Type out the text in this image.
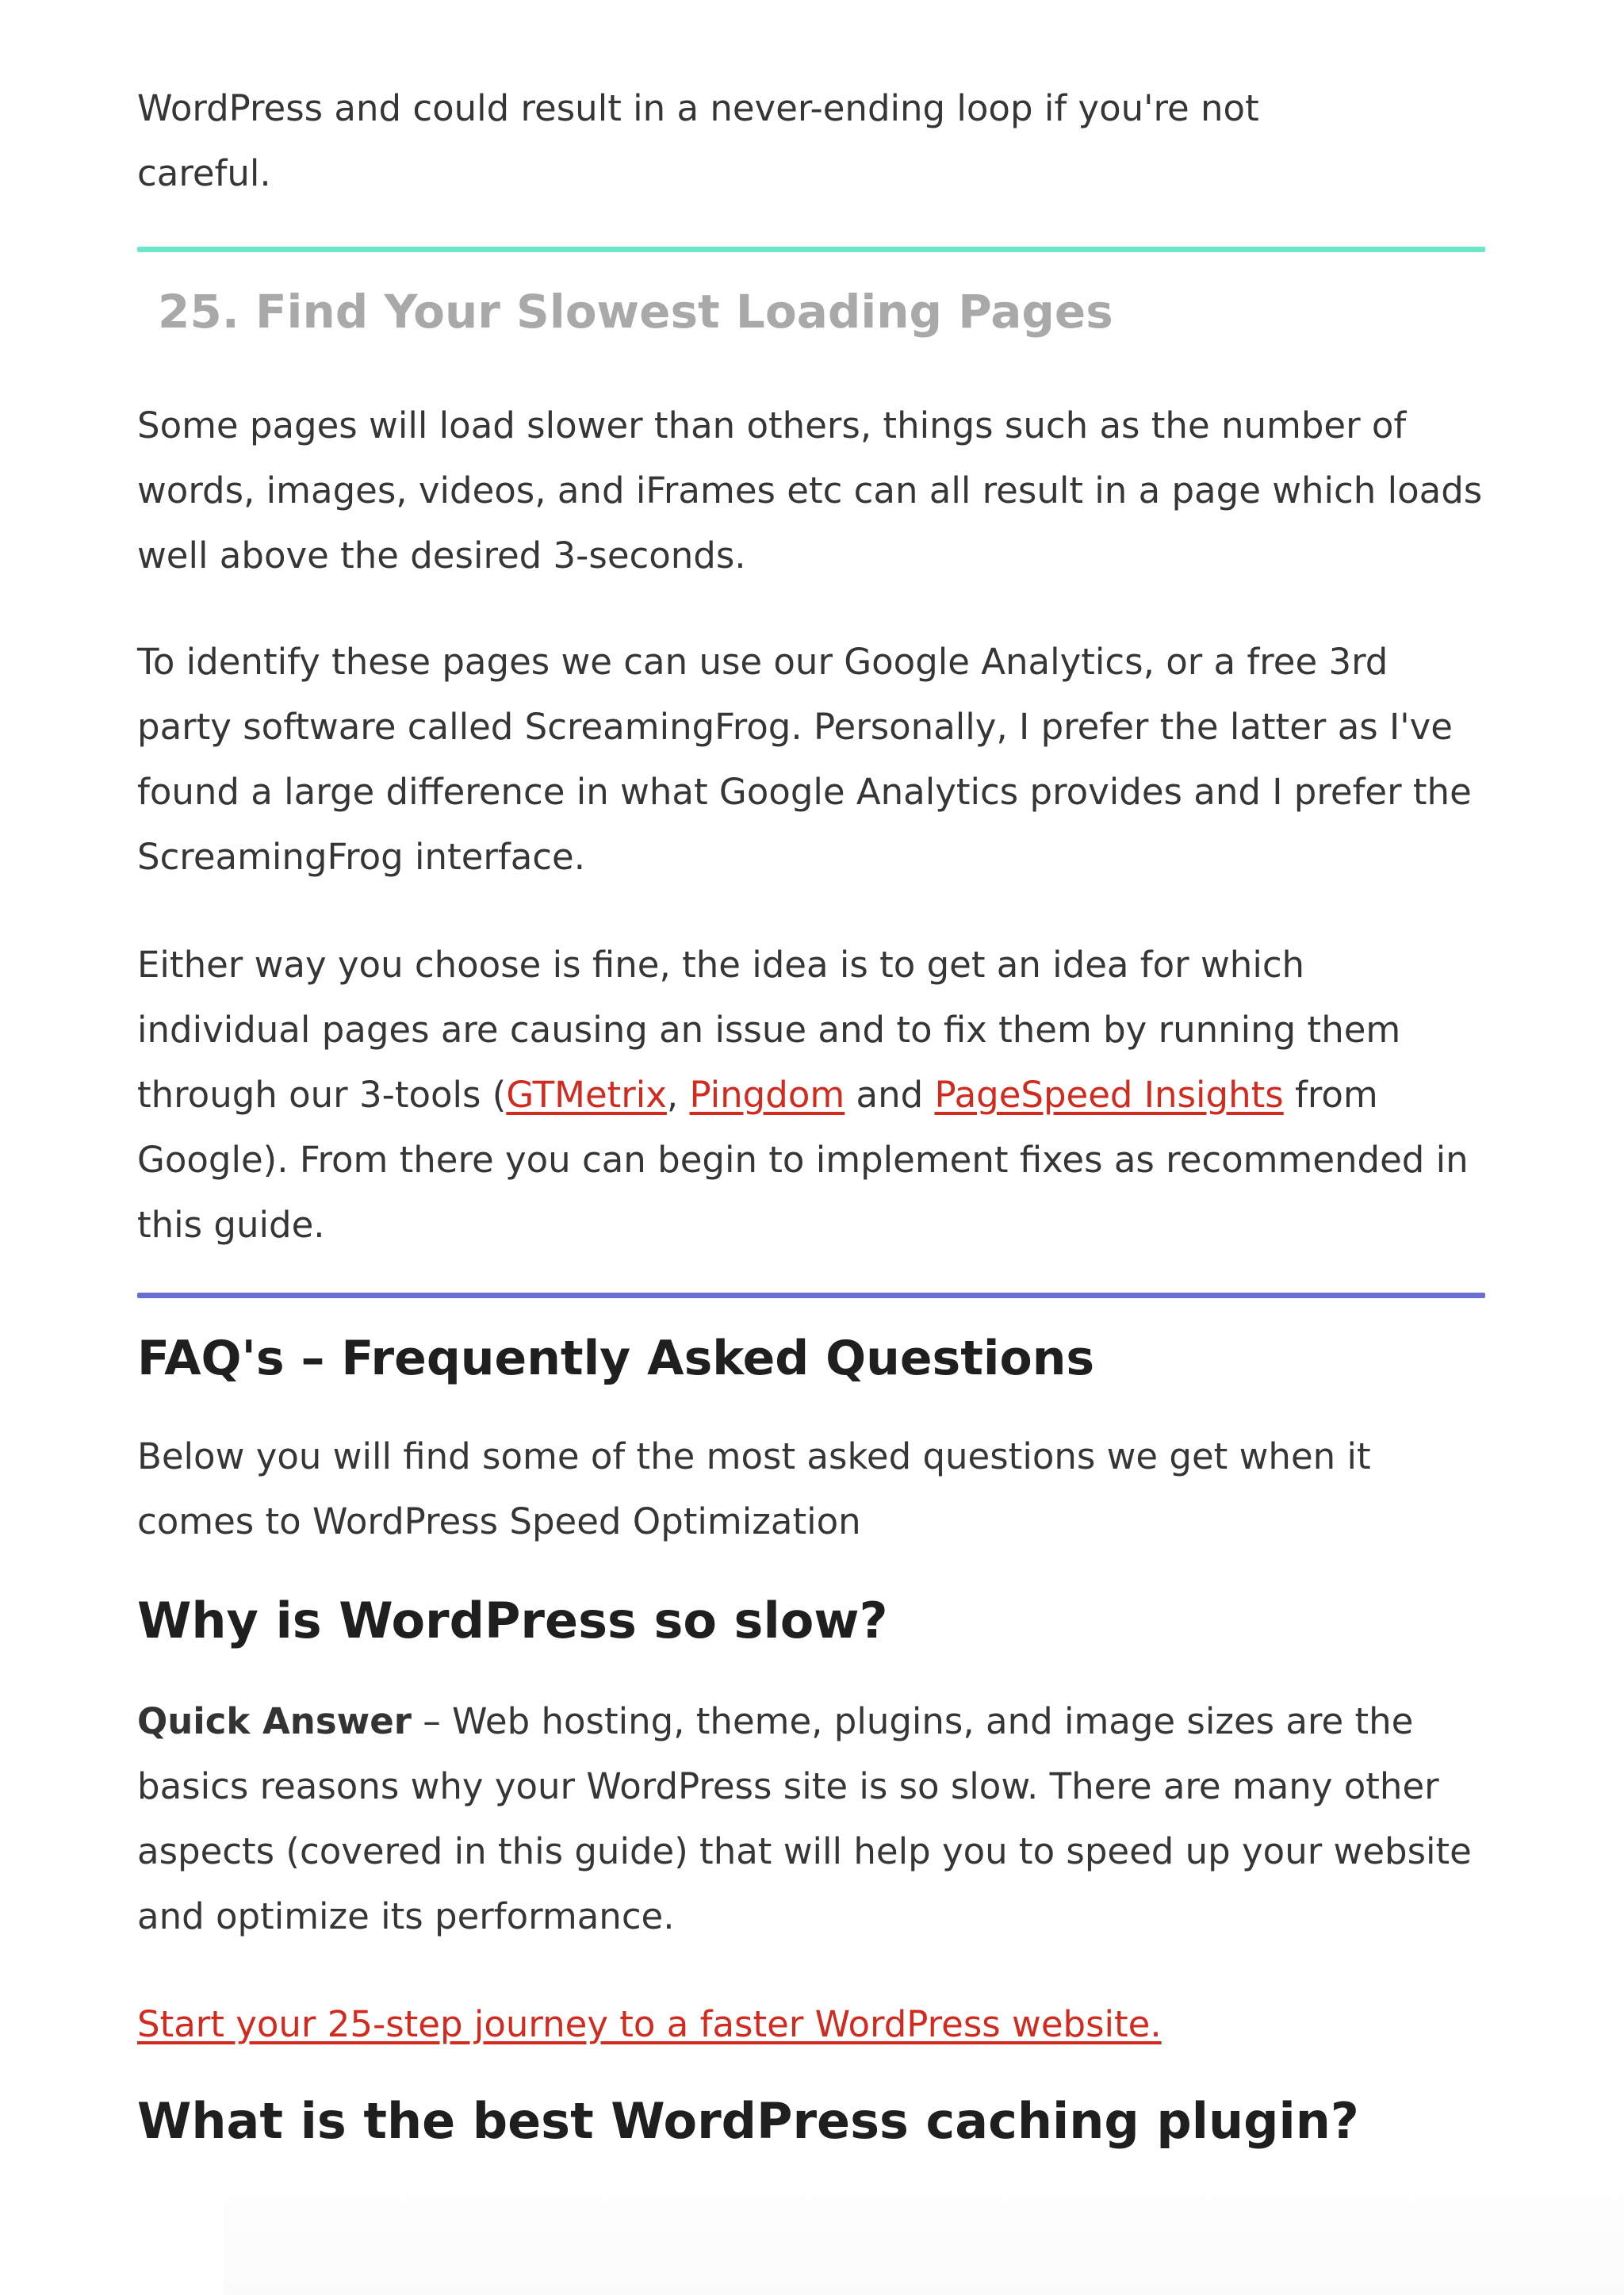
WordPress and could result in a never-ending loop if you're not careful.

25. Find Your Slowest Loading Pages

Some pages will load slower than others, things such as the number of words, images, videos, and iFrames etc can all result in a page which loads well above the desired 3-seconds.

To identify these pages we can use our Google Analytics, or a free 3rd party software called ScreamingFrog. Personally, I prefer the latter as I've found a large difference in what Google Analytics provides and I prefer the ScreamingFrog interface.

Either way you choose is fine, the idea is to get an idea for which individual pages are causing an issue and to fix them by running them through our 3-tools (GTMetrix, Pingdom and PageSpeed Insights from Google). From there you can begin to implement fixes as recommended in this guide.

FAQ's – Frequently Asked Questions

Below you will find some of the most asked questions we get when it comes to WordPress Speed Optimization

Why is WordPress so slow?

Quick Answer – Web hosting, theme, plugins, and image sizes are the basics reasons why your WordPress site is so slow. There are many other aspects (covered in this guide) that will help you to speed up your website and optimize its performance.

Start your 25-step journey to a faster WordPress website.
What is the best WordPress caching plugin?
